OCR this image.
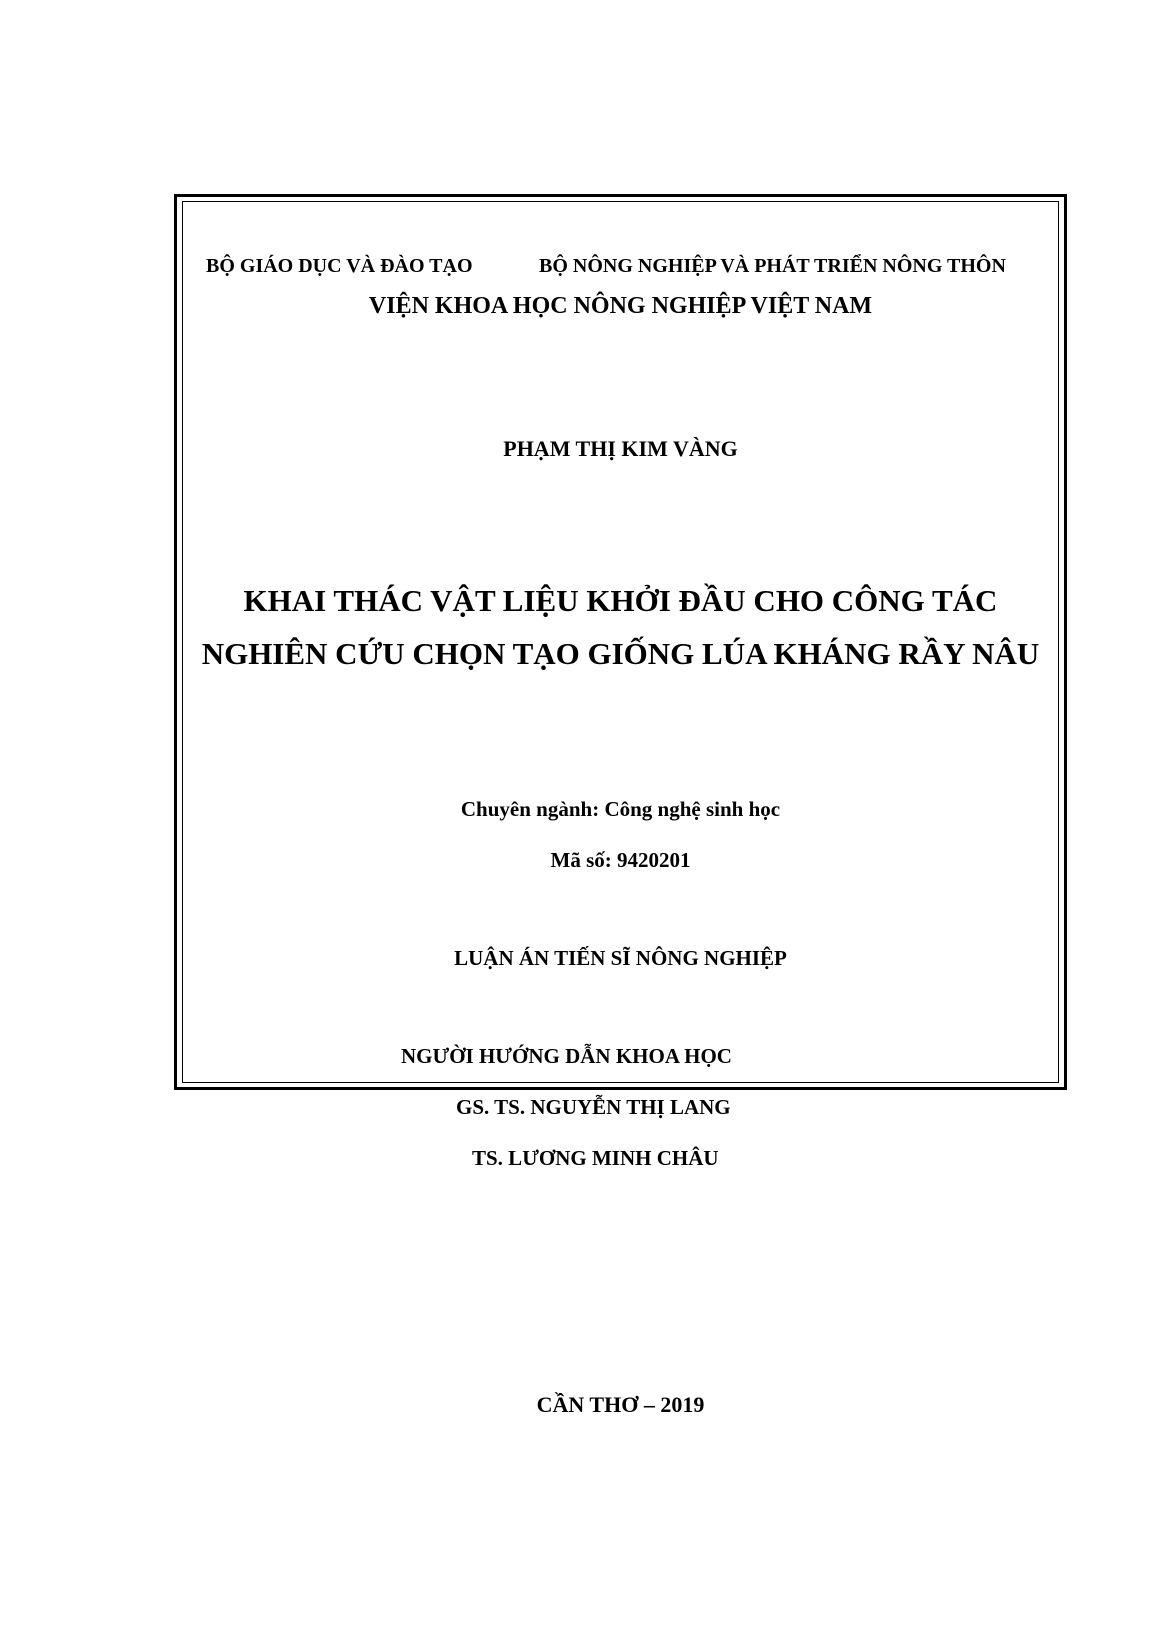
BỘ GIÁO DỤC VÀ ĐÀO TẠO	BỘ NÔNG NGHIỆP VÀ PHÁT TRIỂN NÔNG THÔN
VIỆN KHOA HỌC NÔNG NGHIỆP VIỆT NAM
PHẠM THỊ KIM VÀNG
KHAI THÁC VẬT LIỆU KHỞI ĐẦU CHO CÔNG TÁC
NGHIÊN CỨU CHỌN TẠO GIỐNG LÚA KHÁNG RẦY NÂU
Chuyên ngành: Công nghệ sinh học
Mã số: 9420201
LUẬN ÁN TIẾN SĨ NÔNG NGHIỆP
NGƯỜI HƯỚNG DẪN KHOA HỌC
GS. TS. NGUYỄN THỊ LANG
TS. LƯƠNG MINH CHÂU
CẦN THƠ – 2019
